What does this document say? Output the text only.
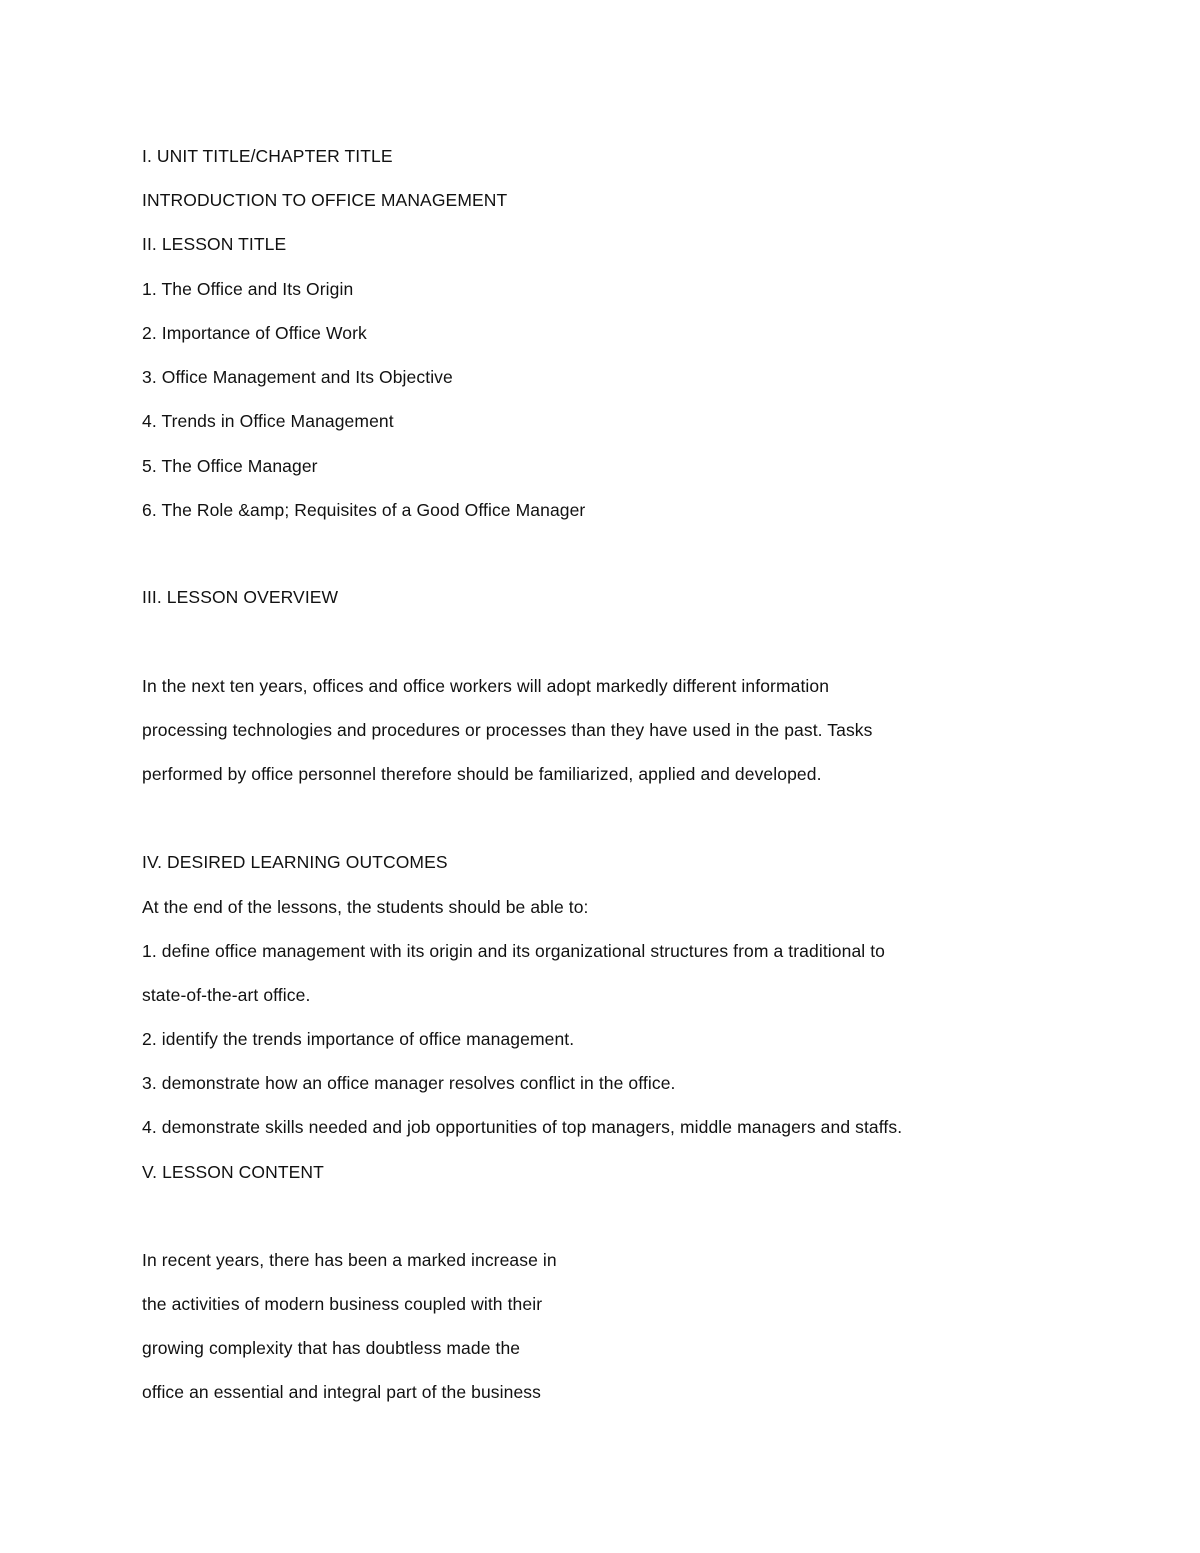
I. UNIT TITLE/CHAPTER TITLE
INTRODUCTION TO OFFICE MANAGEMENT
II. LESSON TITLE
1. The Office and Its Origin
2. Importance of Office Work
3. Office Management and Its Objective
4. Trends in Office Management
5. The Office Manager
6. The Role &amp; Requisites of a Good Office Manager
III. LESSON OVERVIEW
In the next ten years, offices and office workers will adopt markedly different information
processing technologies and procedures or processes than they have used in the past. Tasks
performed by office personnel therefore should be familiarized, applied and developed.
IV. DESIRED LEARNING OUTCOMES
At the end of the lessons, the students should be able to:
1. define office management with its origin and its organizational structures from a traditional to
state-of-the-art office.
2. identify the trends importance of office management.
3. demonstrate how an office manager resolves conflict in the office.
4. demonstrate skills needed and job opportunities of top managers, middle managers and staffs.
V. LESSON CONTENT
In recent years, there has been a marked increase in
the activities of modern business coupled with their
growing complexity that has doubtless made the
office an essential and integral part of the business
